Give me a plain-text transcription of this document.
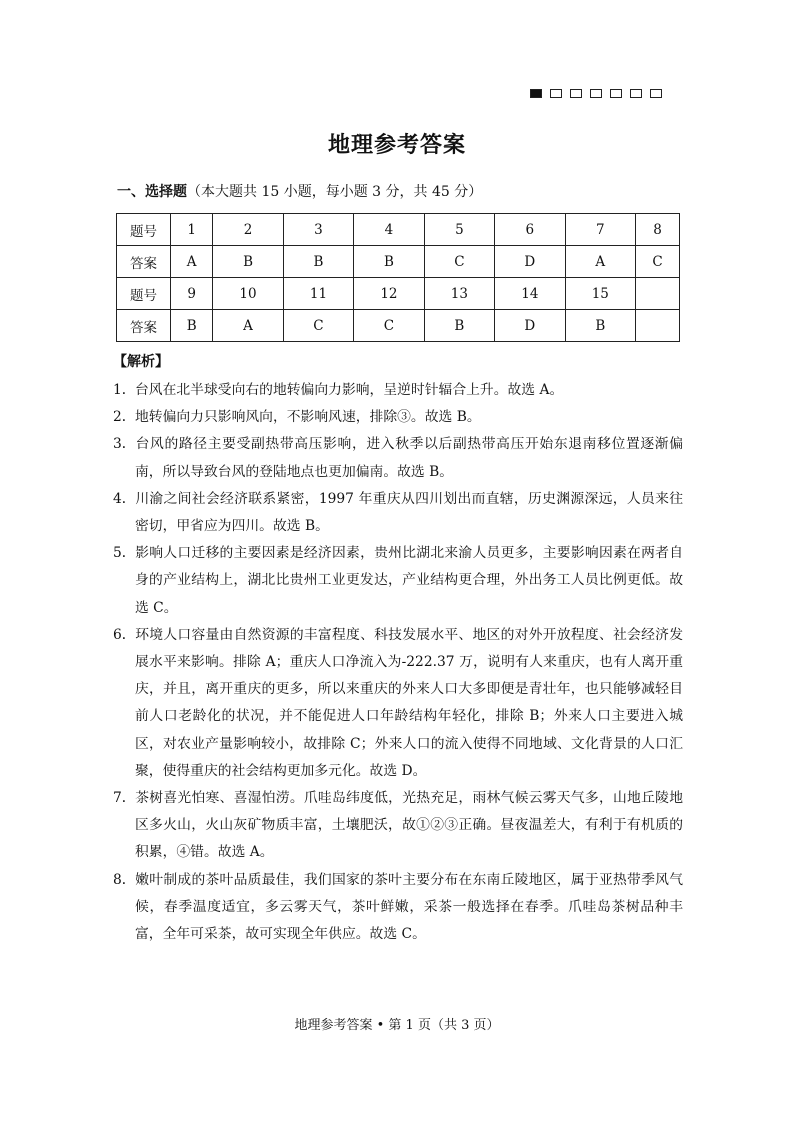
地理参考答案
一、选择题（本大题共 15 小题，每小题 3 分，共 45 分）
题号	1	2	3	4	5	6	7	8
答案	A	B	B	B	C	D	A	C
题号	9	10	11	12	13	14	15	
答案	B	A	C	C	B	D	B	
【解析】

1．台风在北半球受向右的地转偏向力影响，呈逆时针辐合上升。故选 A。

2．地转偏向力只影响风向，不影响风速，排除③。故选 B。

3．台风的路径主要受副热带高压影响，进入秋季以后副热带高压开始东退南移位置逐渐偏南，所以导致台风的登陆地点也更加偏南。故选 B。

4．川渝之间社会经济联系紧密，1997 年重庆从四川划出而直辖，历史渊源深远，人员来往密切，甲省应为四川。故选 B。

5．影响人口迁移的主要因素是经济因素，贵州比湖北来渝人员更多，主要影响因素在两者自身的产业结构上，湖北比贵州工业更发达，产业结构更合理，外出务工人员比例更低。故选 C。

6．环境人口容量由自然资源的丰富程度、科技发展水平、地区的对外开放程度、社会经济发展水平来影响。排除 A；重庆人口净流入为-222.37 万，说明有人来重庆，也有人离开重庆，并且，离开重庆的更多，所以来重庆的外来人口大多即便是青壮年，也只能够减轻目前人口老龄化的状况，并不能促进人口年龄结构年轻化，排除 B；外来人口主要进入城区，对农业产量影响较小，故排除 C；外来人口的流入使得不同地域、文化背景的人口汇聚，使得重庆的社会结构更加多元化。故选 D。

7．茶树喜光怕寒、喜湿怕涝。爪哇岛纬度低，光热充足，雨林气候云雾天气多，山地丘陵地区多火山，火山灰矿物质丰富，土壤肥沃，故①②③正确。昼夜温差大，有利于有机质的积累，④错。故选 A。

8．嫩叶制成的茶叶品质最佳，我们国家的茶叶主要分布在东南丘陵地区，属于亚热带季风气候，春季温度适宜，多云雾天气，茶叶鲜嫩，采茶一般选择在春季。爪哇岛茶树品种丰富，全年可采茶，故可实现全年供应。故选 C。

地理参考答案 • 第 1 页（共 3 页）
